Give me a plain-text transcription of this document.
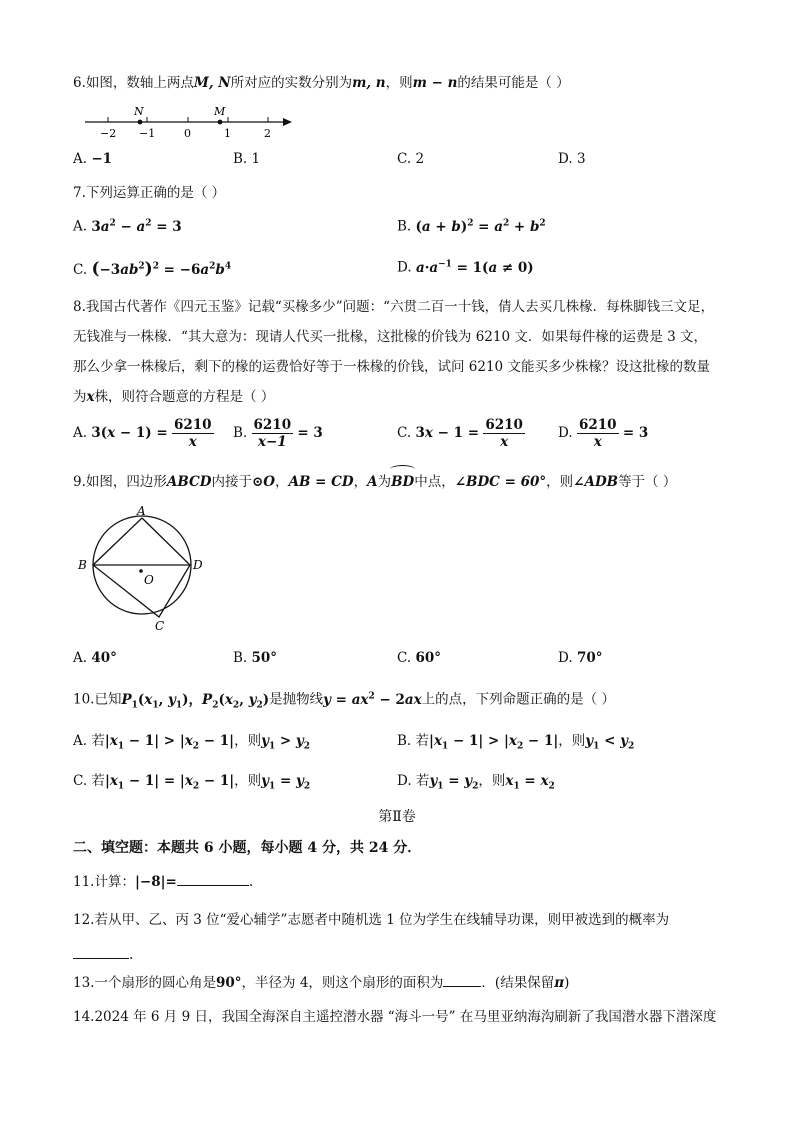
6.如图，数轴上两点M, N所对应的实数分别为m, n，则m − n的结果可能是（ ）
N	M
−2 −1	0	1	2
A. −1	B. 1	C. 2	D. 3
7.下列运算正确的是（ ）
A. $3a^2 - a^2 = 3$	B. $(a + b)^2 = a^2 + b^2$
C. $(-3ab^2)^2 = -6a^2b^4$	D. $a\cdot a^{-1} = 1(a \ne 0)$
8.我国古代著作《四元玉鉴》记载“买椽多少”问题：“六贯二百一十钱，倩人去买几株椽．每株脚钱三文足，
无钱准与一株椽．“其大意为：现请人代买一批椽，这批椽的价钱为 6210 文．如果每件椽的运费是 3 文，
那么少拿一株椽后，剩下的椽的运费恰好等于一株椽的价钱，试问 6210 文能买多少株椽？设这批椽的数量
为x株，则符合题意的方程是（ ）
A. $3(x - 1) = \frac{6210}{x} B$. $\frac{6210}{x-1} = 3$	C. $3x - 1 = \frac{6210}{x} D$. $\frac{6210}{x} = 3$
9.如图，四边形ABCD内接于⊙O，AB = CD，A为
BD中点，∠BDC = 60°，则∠ADB等于（ ）
A
B
C
D
O
A. 40°	B. 50°	C. 60°	D. 70°
10.已知$P_1(x_1$, $y_1$)，$P_2(x_2$, $y_2$)是抛物线$y = ax^2 - 2ax$上的点，下列命题正确的是（ ）
A. 若$|x_1 - 1| > |x_2 - 1|$，则$y_1 > y_2$	B. 若$|x_1 - 1| > |x_2 - 1|$，则$y_1 < y_2$
C. 若$|x_1 - 1| = |x_2 - 1|$，则$y_1 = y_2$	D. 若$y_1 = y_2$，则$x_1 = x_2$
第Ⅱ卷
二、填空题：本题共 6 小题，每小题 4 分，共 24 分．
11.计算：|−8|=	.
12.若从甲、乙、丙 3 位“爱心辅学”志愿者中随机选 1 位为学生在线辅导功课，则甲被选到的概率为
.
13.一个扇形的圆心角是90°，半径为 4，则这个扇形的面积为	．(结果保留π)
14.2024 年 6 月 9 日，我国全海深自主遥控潜水器 “海斗一号” 在马里亚纳海沟刷新了我国潜水器下潜深度
